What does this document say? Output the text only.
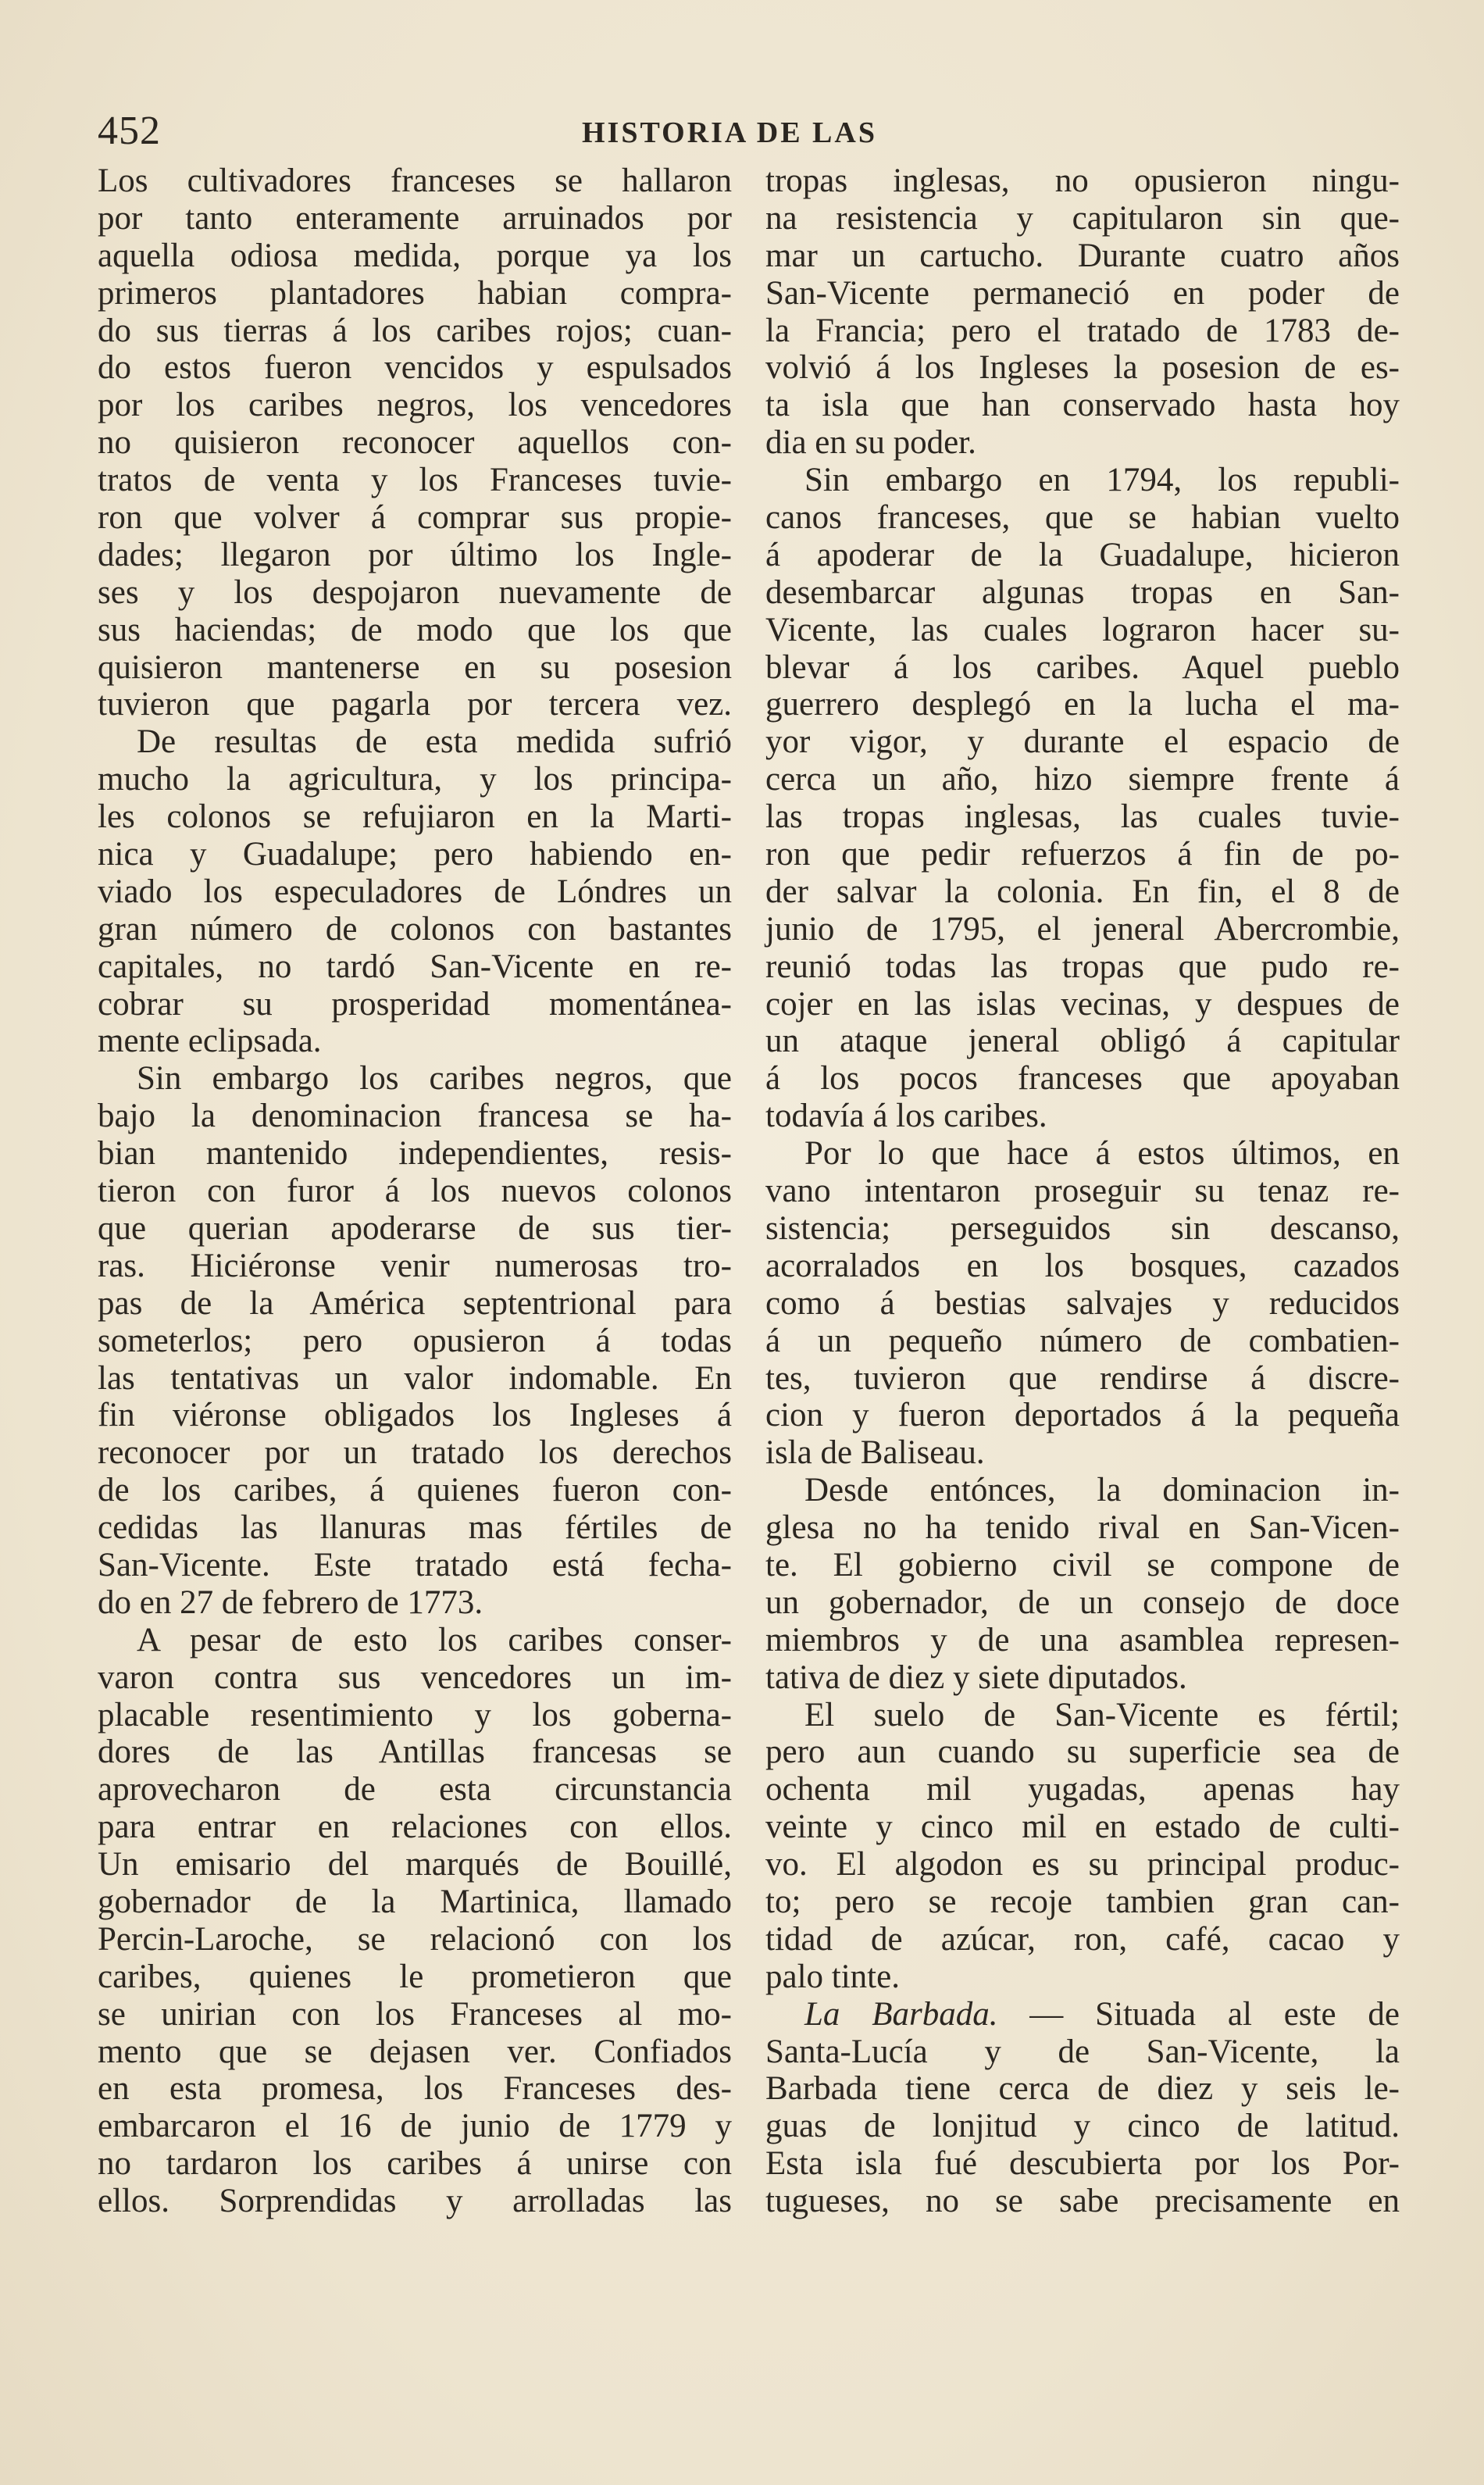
452	HISTORIA DE LAS
Los cultivadores franceses se hallaron
por tanto enteramente arruinados por
aquella odiosa medida, porque ya los
primeros plantadores habian compra-
do sus tierras á los caribes rojos; cuan-
do estos fueron vencidos y espulsados
por los caribes negros, los vencedores
no quisieron reconocer aquellos con-
tratos de venta y los Franceses tuvie-
ron que volver á comprar sus propie-
dades; llegaron por último los Ingle-
ses y los despojaron nuevamente de
sus haciendas; de modo que los que
quisieron mantenerse en su posesion
tuvieron que pagarla por tercera vez.
De resultas de esta medida sufrió
mucho la agricultura, y los principa-
les colonos se refujiaron en la Marti-
nica y Guadalupe; pero habiendo en-
viado los especuladores de Lóndres un
gran número de colonos con bastantes
capitales, no tardó San-Vicente en re-
cobrar su prosperidad momentánea-
mente eclipsada.
Sin embargo los caribes negros, que
bajo la denominacion francesa se ha-
bian mantenido independientes, resis-
tieron con furor á los nuevos colonos
que querian apoderarse de sus tier-
ras. Hiciéronse venir numerosas tro-
pas de la América septentrional para
someterlos; pero opusieron á todas
las tentativas un valor indomable. En
fin viéronse obligados los Ingleses á
reconocer por un tratado los derechos
de los caribes, á quienes fueron con-
cedidas las llanuras mas fértiles de
San-Vicente. Este tratado está fecha-
do en 27 de febrero de 1773.
A pesar de esto los caribes conser-
varon contra sus vencedores un im-
placable resentimiento y los goberna-
dores de las Antillas francesas se
aprovecharon de esta circunstancia
para entrar en relaciones con ellos.
Un emisario del marqués de Bouillé,
gobernador de la Martinica, llamado
Percin-Laroche, se relacionó con los
caribes, quienes le prometieron que
se unirian con los Franceses al mo-
mento que se dejasen ver. Confiados
en esta promesa, los Franceses des-
embarcaron el 16 de junio de 1779 y
no tardaron los caribes á unirse con
ellos. Sorprendidas y arrolladas las
tropas inglesas, no opusieron ningu-
na resistencia y capitularon sin que-
mar un cartucho. Durante cuatro años
San-Vicente permaneció en poder de
la Francia; pero el tratado de 1783 de-
volvió á los Ingleses la posesion de es-
ta isla que han conservado hasta hoy
dia en su poder.
Sin embargo en 1794, los republi-
canos franceses, que se habian vuelto
á apoderar de la Guadalupe, hicieron
desembarcar algunas tropas en San-
Vicente, las cuales lograron hacer su-
blevar á los caribes. Aquel pueblo
guerrero desplegó en la lucha el ma-
yor vigor, y durante el espacio de
cerca un año, hizo siempre frente á
las tropas inglesas, las cuales tuvie-
ron que pedir refuerzos á fin de po-
der salvar la colonia. En fin, el 8 de
junio de 1795, el jeneral Abercrombie,
reunió todas las tropas que pudo re-
cojer en las islas vecinas, y despues de
un ataque jeneral obligó á capitular
á los pocos franceses que apoyaban
todavía á los caribes.
Por lo que hace á estos últimos, en
vano intentaron proseguir su tenaz re-
sistencia; perseguidos sin descanso,
acorralados en los bosques, cazados
como á bestias salvajes y reducidos
á un pequeño número de combatien-
tes, tuvieron que rendirse á discre-
cion y fueron deportados á la pequeña
isla de Baliseau.
Desde entónces, la dominacion in-
glesa no ha tenido rival en San-Vicen-
te. El gobierno civil se compone de
un gobernador, de un consejo de doce
miembros y de una asamblea represen-
tativa de diez y siete diputados.
El suelo de San-Vicente es fértil;
pero aun cuando su superficie sea de
ochenta mil yugadas, apenas hay
veinte y cinco mil en estado de culti-
vo. El algodon es su principal produc-
to; pero se recoje tambien gran can-
tidad de azúcar, ron, café, cacao y
palo tinte.
La Barbada. — Situada al este de
Santa-Lucía y de San-Vicente, la
Barbada tiene cerca de diez y seis le-
guas de lonjitud y cinco de latitud.
Esta isla fué descubierta por los Por-
tugueses, no se sabe precisamente en
